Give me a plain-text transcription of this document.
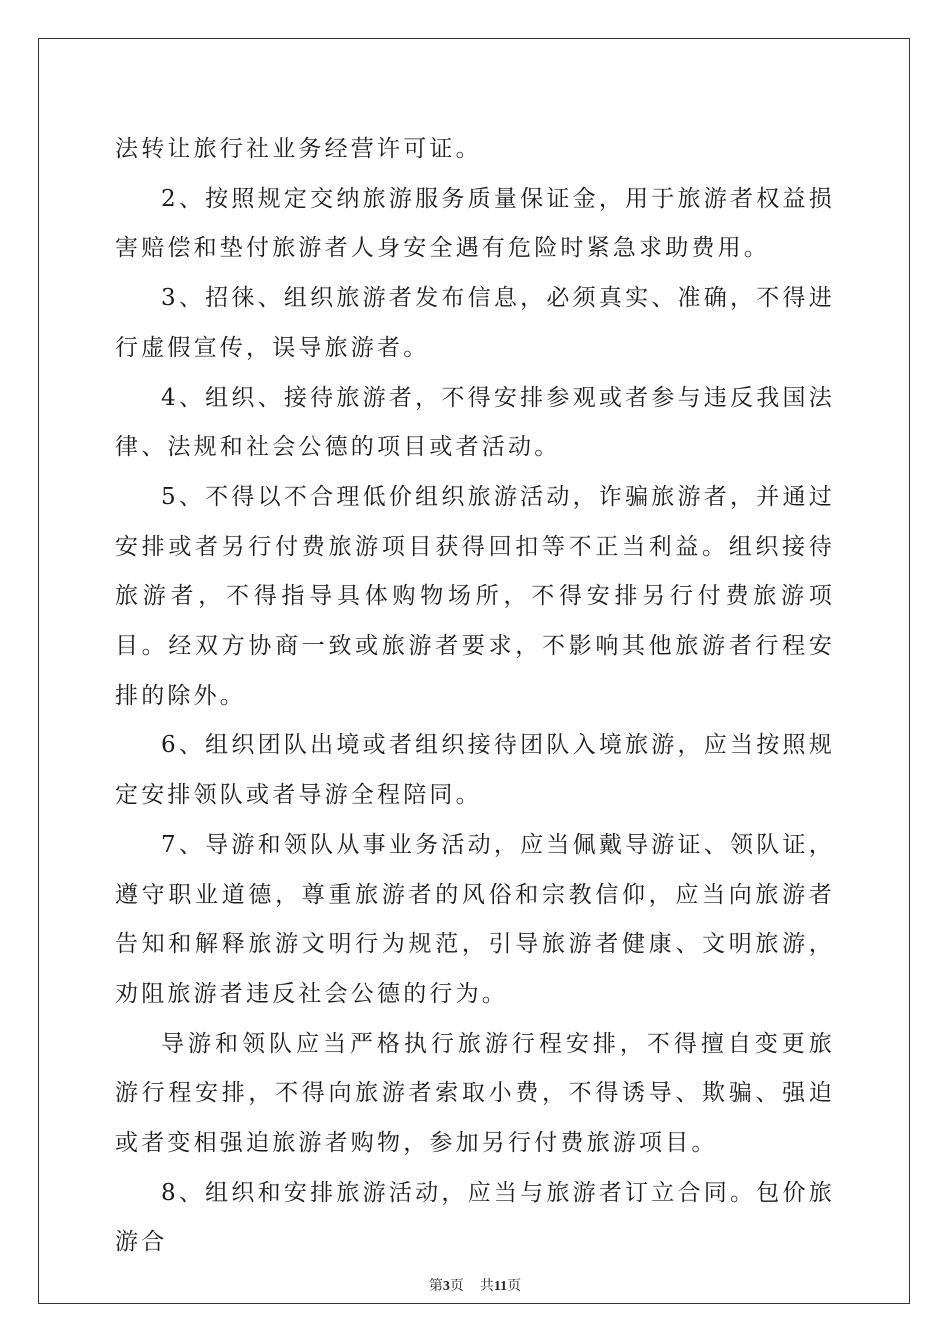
法转让旅行社业务经营许可证。

2、按照规定交纳旅游服务质量保证金，用于旅游者权益损害赔偿和垫付旅游者人身安全遇有危险时紧急求助费用。

3、招徕、组织旅游者发布信息，必须真实、准确，不得进行虚假宣传，误导旅游者。

4、组织、接待旅游者，不得安排参观或者参与违反我国法律、法规和社会公德的项目或者活动。

5、不得以不合理低价组织旅游活动，诈骗旅游者，并通过安排或者另行付费旅游项目获得回扣等不正当利益。组织接待旅游者，不得指导具体购物场所，不得安排另行付费旅游项目。经双方协商一致或旅游者要求，不影响其他旅游者行程安排的除外。

6、组织团队出境或者组织接待团队入境旅游，应当按照规定安排领队或者导游全程陪同。

7、导游和领队从事业务活动，应当佩戴导游证、领队证，遵守职业道德，尊重旅游者的风俗和宗教信仰，应当向旅游者告知和解释旅游文明行为规范，引导旅游者健康、文明旅游，劝阻旅游者违反社会公德的行为。

导游和领队应当严格执行旅游行程安排，不得擅自变更旅游行程安排，不得向旅游者索取小费，不得诱导、欺骗、强迫或者变相强迫旅游者购物，参加另行付费旅游项目。

8、组织和安排旅游活动，应当与旅游者订立合同。包价旅游合

第3页 共11页
